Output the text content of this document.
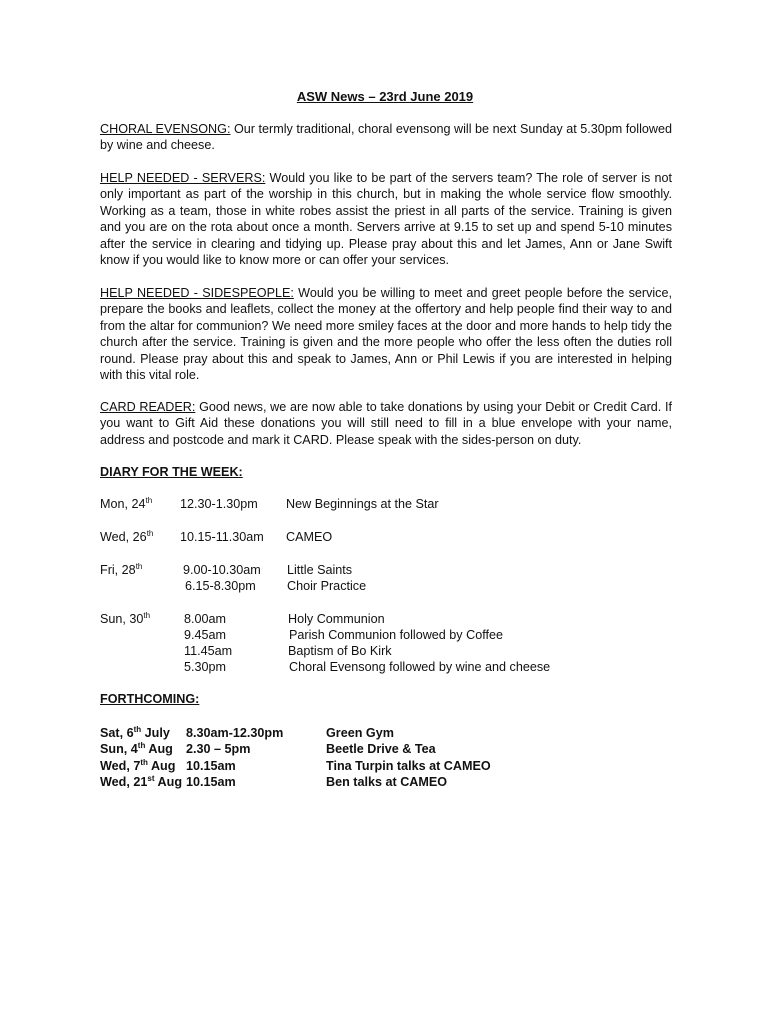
ASW News – 23rd June 2019

CHORAL EVENSONG: Our termly traditional, choral evensong will be next Sunday at 5.30pm followed by wine and cheese.

HELP NEEDED - SERVERS: Would you like to be part of the servers team? The role of server is not only important as part of the worship in this church, but in making the whole service flow smoothly. Working as a team, those in white robes assist the priest in all parts of the service. Training is given and you are on the rota about once a month. Servers arrive at 9.15 to set up and spend 5-10 minutes after the service in clearing and tidying up. Please pray about this and let James, Ann or Jane Swift know if you would like to know more or can offer your services.

HELP NEEDED - SIDESPEOPLE: Would you be willing to meet and greet people before the service, prepare the books and leaflets, collect the money at the offertory and help people find their way to and from the altar for communion? We need more smiley faces at the door and more hands to help tidy the church after the service. Training is given and the more people who offer the less often the duties roll round. Please pray about this and speak to James, Ann or Phil Lewis if you are interested in helping with this vital role.

CARD READER: Good news, we are now able to take donations by using your Debit or Credit Card. If you want to Gift Aid these donations you will still need to fill in a blue envelope with your name, address and postcode and mark it CARD. Please speak with the sides-person on duty.

DIARY FOR THE WEEK:
Mon, 24th 12.30-1.30pm New Beginnings at the Star
Wed, 26th 10.15-11.30am CAMEO
Fri, 28th	9.00-10.30am Little Saints
6.15-8.30pm Choir Practice
Sun, 30th	8.00am	Holy Communion
9.45am	Parish Communion followed by Coffee
11.45am	Baptism of Bo Kirk
5.30pm	Choral Evensong followed by wine and cheese
FORTHCOMING:
Sat, 6th July 8.30am-12.30pm	Green Gym
Sun, 4th Aug 2.30 – 5pm	Beetle Drive & Tea
Wed, 7th Aug 10.15am	Tina Turpin talks at CAMEO
Wed, 21st Aug 10.15am	Ben talks at CAMEO
